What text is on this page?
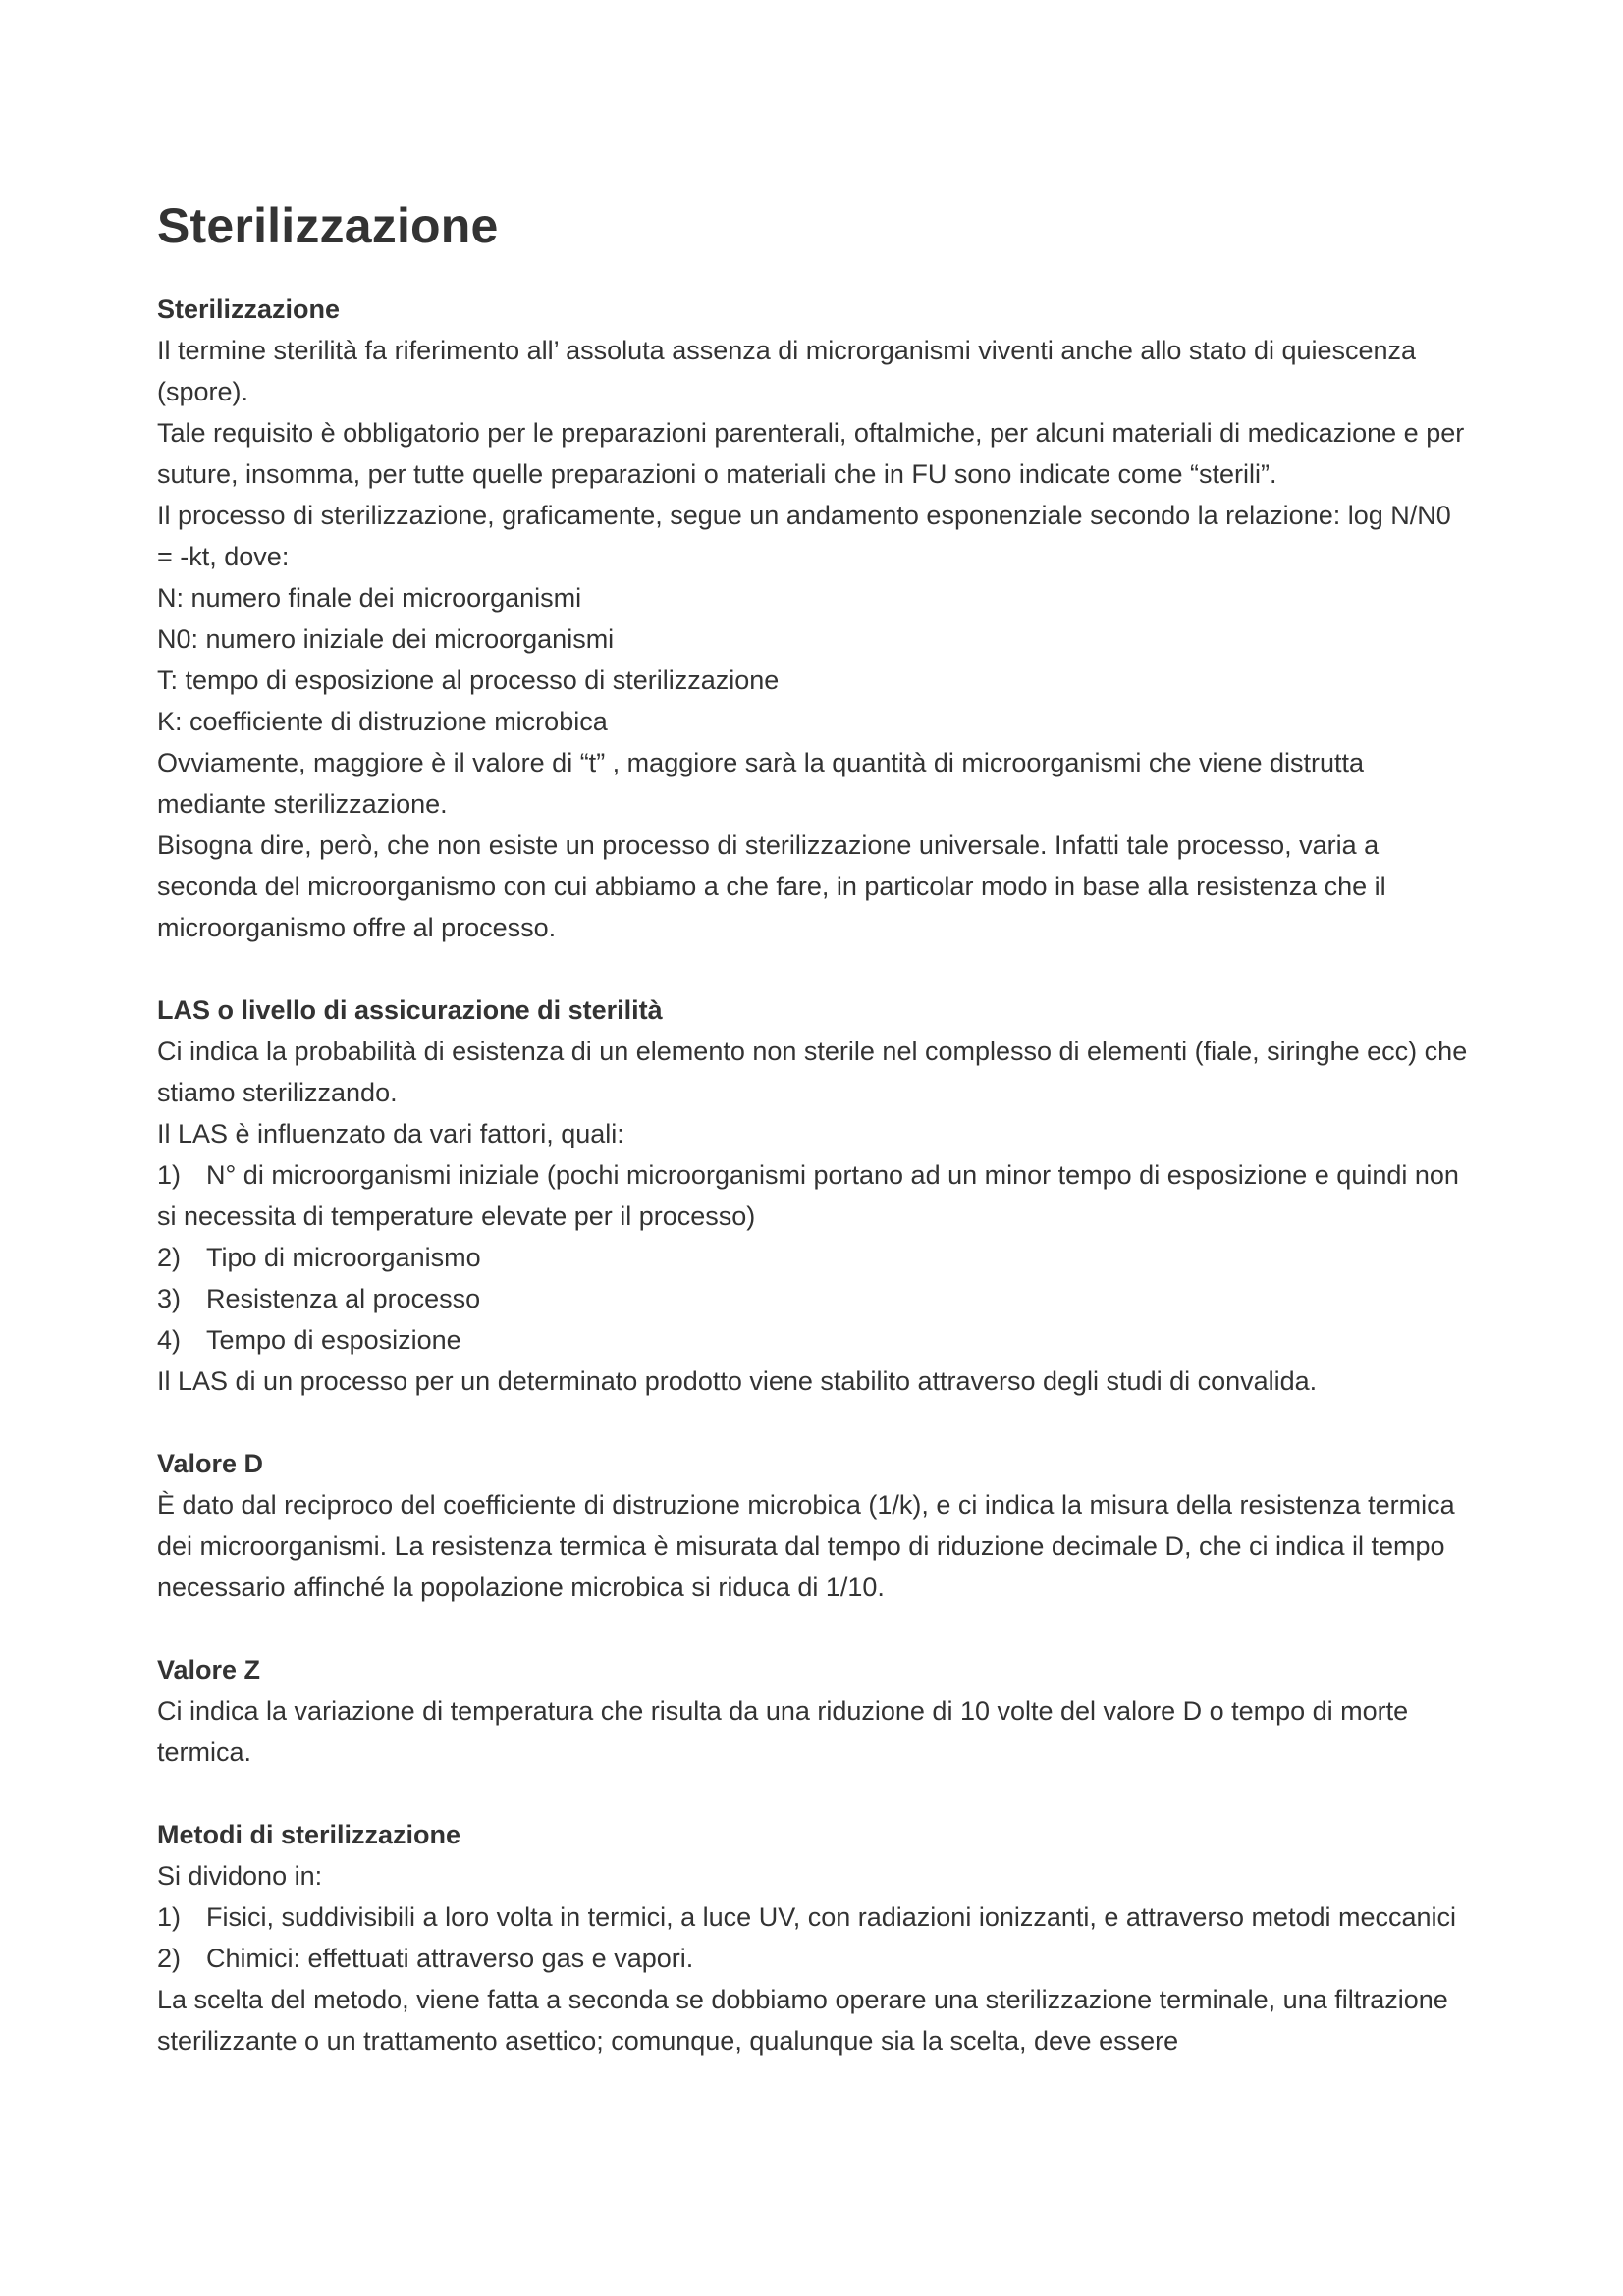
Sterilizzazione

Sterilizzazione

Il termine sterilità fa riferimento all’ assoluta assenza di microrganismi viventi anche allo stato di quiescenza (spore).

Tale requisito è obbligatorio per le preparazioni parenterali, oftalmiche, per alcuni materiali di medicazione e per suture, insomma, per tutte quelle preparazioni o materiali che in FU sono indicate come “sterili”.

Il processo di sterilizzazione, graficamente, segue un andamento esponenziale secondo la relazione: log N/N0 = -kt, dove:

N: numero finale dei microorganismi

N0: numero iniziale dei microorganismi

T: tempo di esposizione al processo di sterilizzazione

K: coefficiente di distruzione microbica

Ovviamente, maggiore è il valore di “t” , maggiore sarà la quantità di microorganismi che viene distrutta mediante sterilizzazione.

Bisogna dire, però, che non esiste un processo di sterilizzazione universale. Infatti tale processo, varia a seconda del microorganismo con cui abbiamo a che fare, in particolar modo in base alla resistenza che il microorganismo offre al processo.

LAS o livello di assicurazione di sterilità

Ci indica la probabilità di esistenza di un elemento non sterile nel complesso di elementi (fiale, siringhe ecc) che stiamo sterilizzando.

Il LAS è influenzato da vari fattori, quali:

1) N° di microorganismi iniziale (pochi microorganismi portano ad un minor tempo di esposizione e quindi non si necessita di temperature elevate per il processo)

2) Tipo di microorganismo

3) Resistenza al processo

4) Tempo di esposizione

Il LAS di un processo per un determinato prodotto viene stabilito attraverso degli studi di convalida.

Valore D

È dato dal reciproco del coefficiente di distruzione microbica (1/k), e ci indica la misura della resistenza termica dei microorganismi. La resistenza termica è misurata dal tempo di riduzione decimale D, che ci indica il tempo necessario affinché la popolazione microbica si riduca di 1/10.

Valore Z

Ci indica la variazione di temperatura che risulta da una riduzione di 10 volte del valore D o tempo di morte termica.

Metodi di sterilizzazione

Si dividono in:

1) Fisici, suddivisibili a loro volta in termici, a luce UV, con radiazioni ionizzanti, e attraverso metodi meccanici

2) Chimici: effettuati attraverso gas e vapori.

La scelta del metodo, viene fatta a seconda se dobbiamo operare una sterilizzazione terminale, una filtrazione sterilizzante o un trattamento asettico; comunque, qualunque sia la scelta, deve essere
